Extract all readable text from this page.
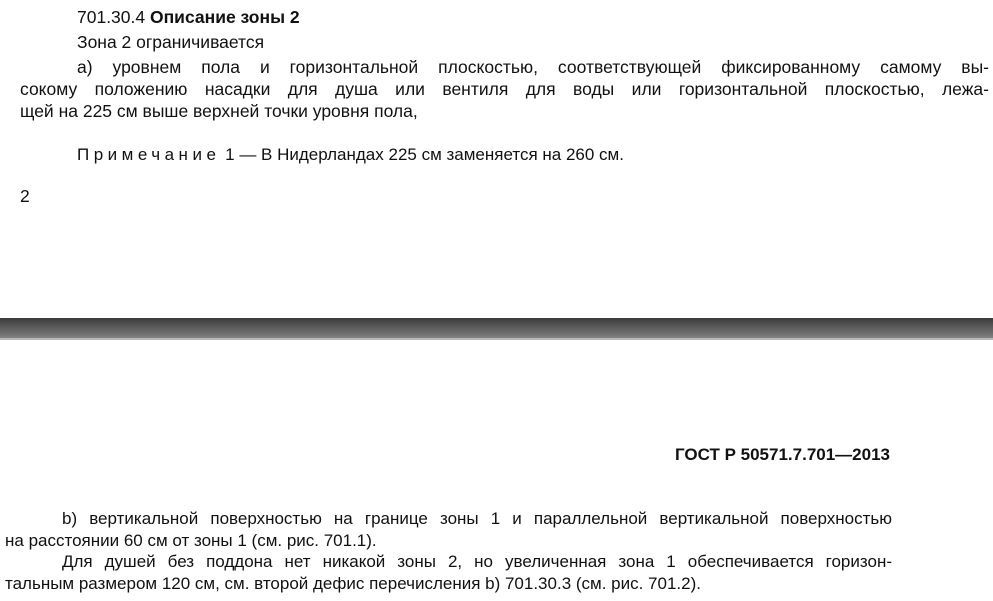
701.30.4 Описание зоны 2
Зона 2 ограничивается
а) уровнем пола и горизонтальной плоскостью, соответствующей фиксированному самому вы-
сокому положению насадки для душа или вентиля для воды или горизонтальной плоскостью, лежа-
щей на 225 см выше верхней точки уровня пола,
Примечание 1 — В Нидерландах 225 см заменяется на 260 см.
2
ГОСТ Р 50571.7.701—2013
b) вертикальной поверхностью на границе зоны 1 и параллельной вертикальной поверхностью
на расстоянии 60 см от зоны 1 (см. рис. 701.1).
Для душей без поддона нет никакой зоны 2, но увеличенная зона 1 обеспечивается горизон-
тальным размером 120 см, см. второй дефис перечисления b) 701.30.3 (см. рис. 701.2).
